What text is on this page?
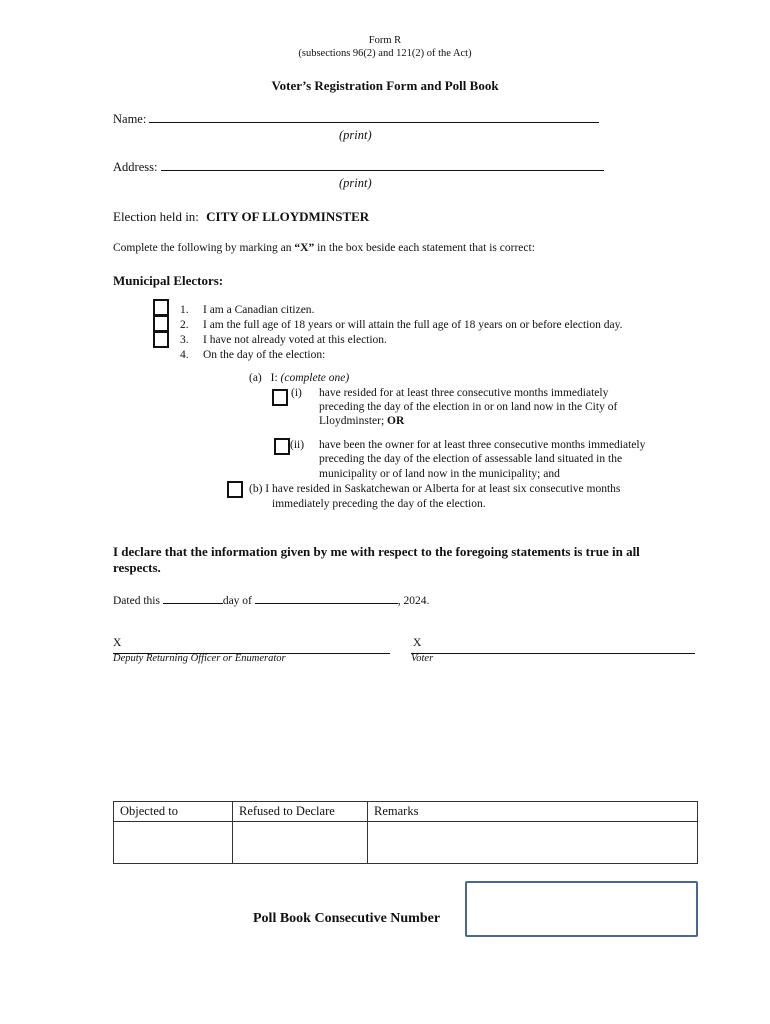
Form R
(subsections 96(2) and 121(2) of the Act)
Voter’s Registration Form and Poll Book
Name:
(print)
Address:
(print)
Election held in: CITY OF LLOYDMINSTER
Complete the following by marking an “X” in the box beside each statement that is correct:
Municipal Electors:
1. I am a Canadian citizen.
2. I am the full age of 18 years or will attain the full age of 18 years on or before election day.
3. I have not already voted at this election.
4. On the day of the election:
(a) I: (complete one)
(i) have resided for at least three consecutive months immediately
preceding the day of the election in or on land now in the City of
Lloydminster; OR
(ii) have been the owner for at least three consecutive months immediately
preceding the day of the election of assessable land situated in the
municipality or of land now in the municipality; and
(b) I have resided in Saskatchewan or Alberta for at least six consecutive months
immediately preceding the day of the election.
I declare that the information given by me with respect to the foregoing statements is true in all
respects.
Dated this	day of	, 2024.
X
Deputy Returning Officer or Enumerator
X
Voter
Objected to	Refused to Declare	Remarks

Poll Book Consecutive Number
